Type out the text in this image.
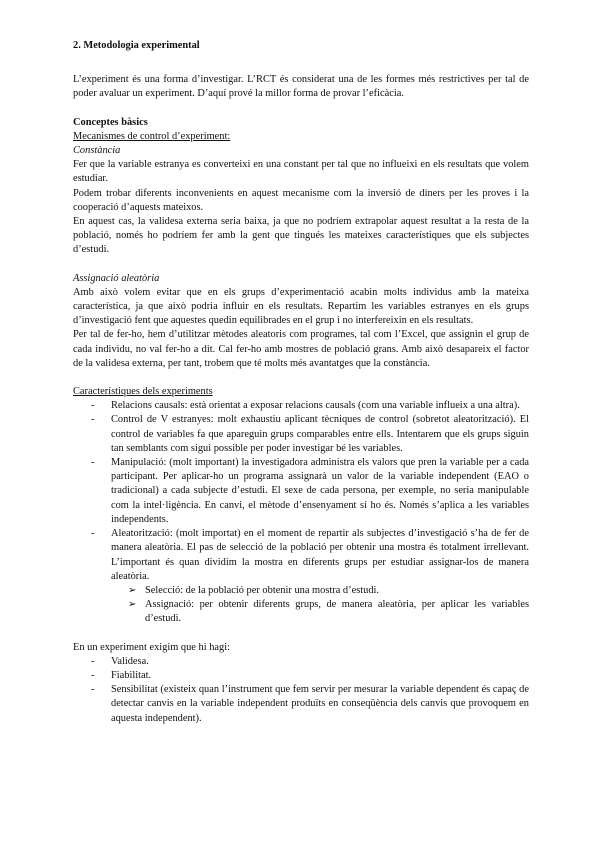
2. Metodologia experimental

L’experiment és una forma d’investigar. L’RCT és considerat una de les formes més restrictives per tal de poder avaluar un experiment. D’aquí prové la millor forma de provar l’eficàcia.

Conceptes bàsics

Mecanismes de control d’experiment:

Constància

Fer que la variable estranya es converteixi en una constant per tal que no influeixi en els resultats que volem estudiar.

Podem trobar diferents inconvenients en aquest mecanisme com la inversió de diners per les proves i la cooperació d’aquests mateixos.

En aquest cas, la validesa externa seria baixa, ja que no podríem extrapolar aquest resultat a la resta de la població, només ho podríem fer amb la gent que tingués les mateixes característiques que els subjectes d’estudi.

Assignació aleatòria

Amb això volem evitar que en els grups d’experimentació acabin molts individus amb la mateixa característica, ja que això podria influir en els resultats. Repartim les variables estranyes en els grups d’investigació fent que aquestes quedin equilibrades en el grup i no interfereixin en els resultats.

Per tal de fer-ho, hem d’utilitzar mètodes aleatoris com programes, tal com l’Excel, que assignin el grup de cada individu, no val fer-ho a dit. Cal fer-ho amb mostres de població grans. Amb això desapareix el factor de la validesa externa, per tant, trobem que té molts més avantatges que la constància.

Característiques dels experiments

- Relacions causals: està orientat a exposar relacions causals (com una variable influeix a una altra).
- Control de V estranyes: molt exhaustiu aplicant tècniques de control (sobretot aleatorització). El control de variables fa que apareguin grups comparables entre ells. Intentarem que els grups siguin tan semblants com sigui possible per poder investigar bé les variables.
- Manipulació: (molt important) la investigadora administra els valors que pren la variable per a cada participant. Per aplicar-ho un programa assignarà un valor de la variable independent (EAO o tradicional) a cada subjecte d’estudi. El sexe de cada persona, per exemple, no seria manipulable com la intel·ligència. En canvi, el mètode d’ensenyament sí ho és. Només s’aplica a les variables independents.
- Aleatorització: (molt importat) en el moment de repartir als subjectes d’investigació s’ha de fer de manera aleatòria. El pas de selecció de la població per obtenir una mostra és totalment irrellevant. L’important és quan dividim la mostra en diferents grups per estudiar assignar-los de manera aleatòria.
➢ Selecció: de la població per obtenir una mostra d’estudi.
➢ Assignació: per obtenir diferents grups, de manera aleatòria, per aplicar les variables d’estudi.

En un experiment exigim que hi hagi:

- Validesa.
- Fiabilitat.
- Sensibilitat (existeix quan l’instrument que fem servir per mesurar la variable dependent és capaç de detectar canvis en la variable independent produïts en conseqüència dels canvis que provoquem en aquesta independent).
